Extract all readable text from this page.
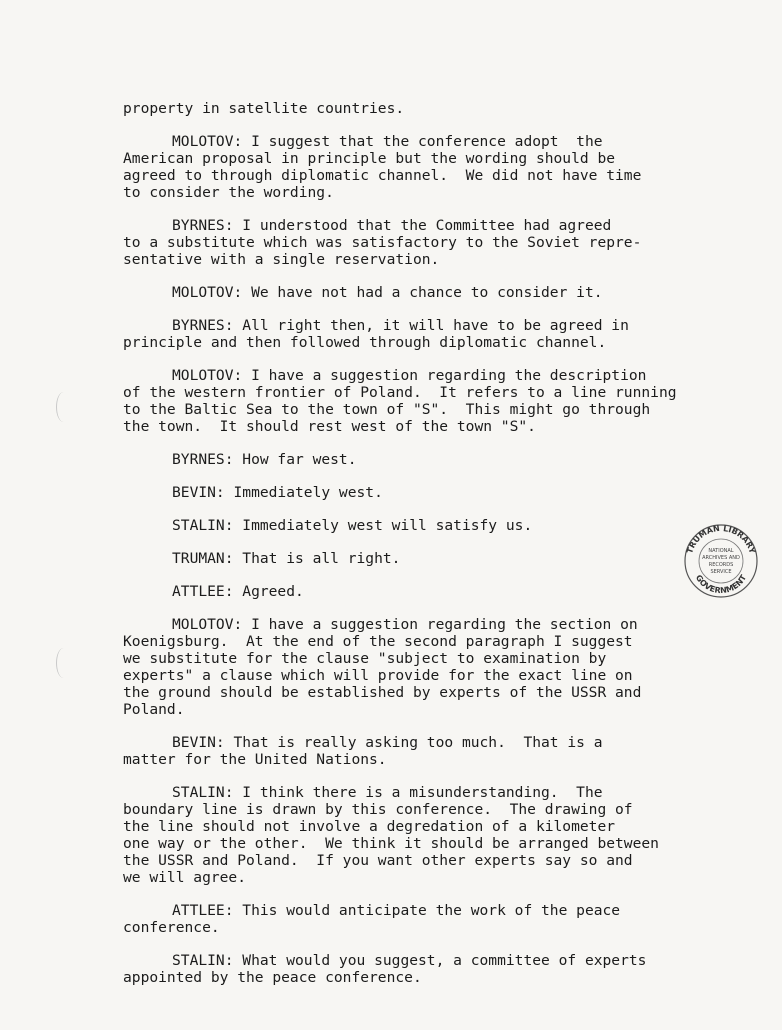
property in satellite countries.
MOLOTOV: I suggest that the conference adopt  the
American proposal in principle but the wording should be
agreed to through diplomatic channel.  We did not have time
to consider the wording.
BYRNES: I understood that the Committee had agreed
to a substitute which was satisfactory to the Soviet repre-
sentative with a single reservation.
MOLOTOV: We have not had a chance to consider it.
BYRNES: All right then, it will have to be agreed in
principle and then followed through diplomatic channel.
MOLOTOV: I have a suggestion regarding the description
of the western frontier of Poland.  It refers to a line running
to the Baltic Sea to the town of "S".  This might go through
the town.  It should rest west of the town "S".
BYRNES: How far west.
BEVIN: Immediately west.
STALIN: Immediately west will satisfy us.
TRUMAN: That is all right.
ATTLEE: Agreed.
MOLOTOV: I have a suggestion regarding the section on
Koenigsburg.  At the end of the second paragraph I suggest
we substitute for the clause "subject to examination by
experts" a clause which will provide for the exact line on
the ground should be established by experts of the USSR and
Poland.
BEVIN: That is really asking too much.  That is a
matter for the United Nations.
STALIN: I think there is a misunderstanding.  The
boundary line is drawn by this conference.  The drawing of
the line should not involve a degredation of a kilometer
one way or the other.  We think it should be arranged between
the USSR and Poland.  If you want other experts say so and
we will agree.
ATTLEE: This would anticipate the work of the peace
conference.
STALIN: What would you suggest, a committee of experts
appointed by the peace conference.
TRUMAN LIBRARY
GOVERNMENT
NATIONAL
ARCHIVES AND
RECORDS
SERVICE
